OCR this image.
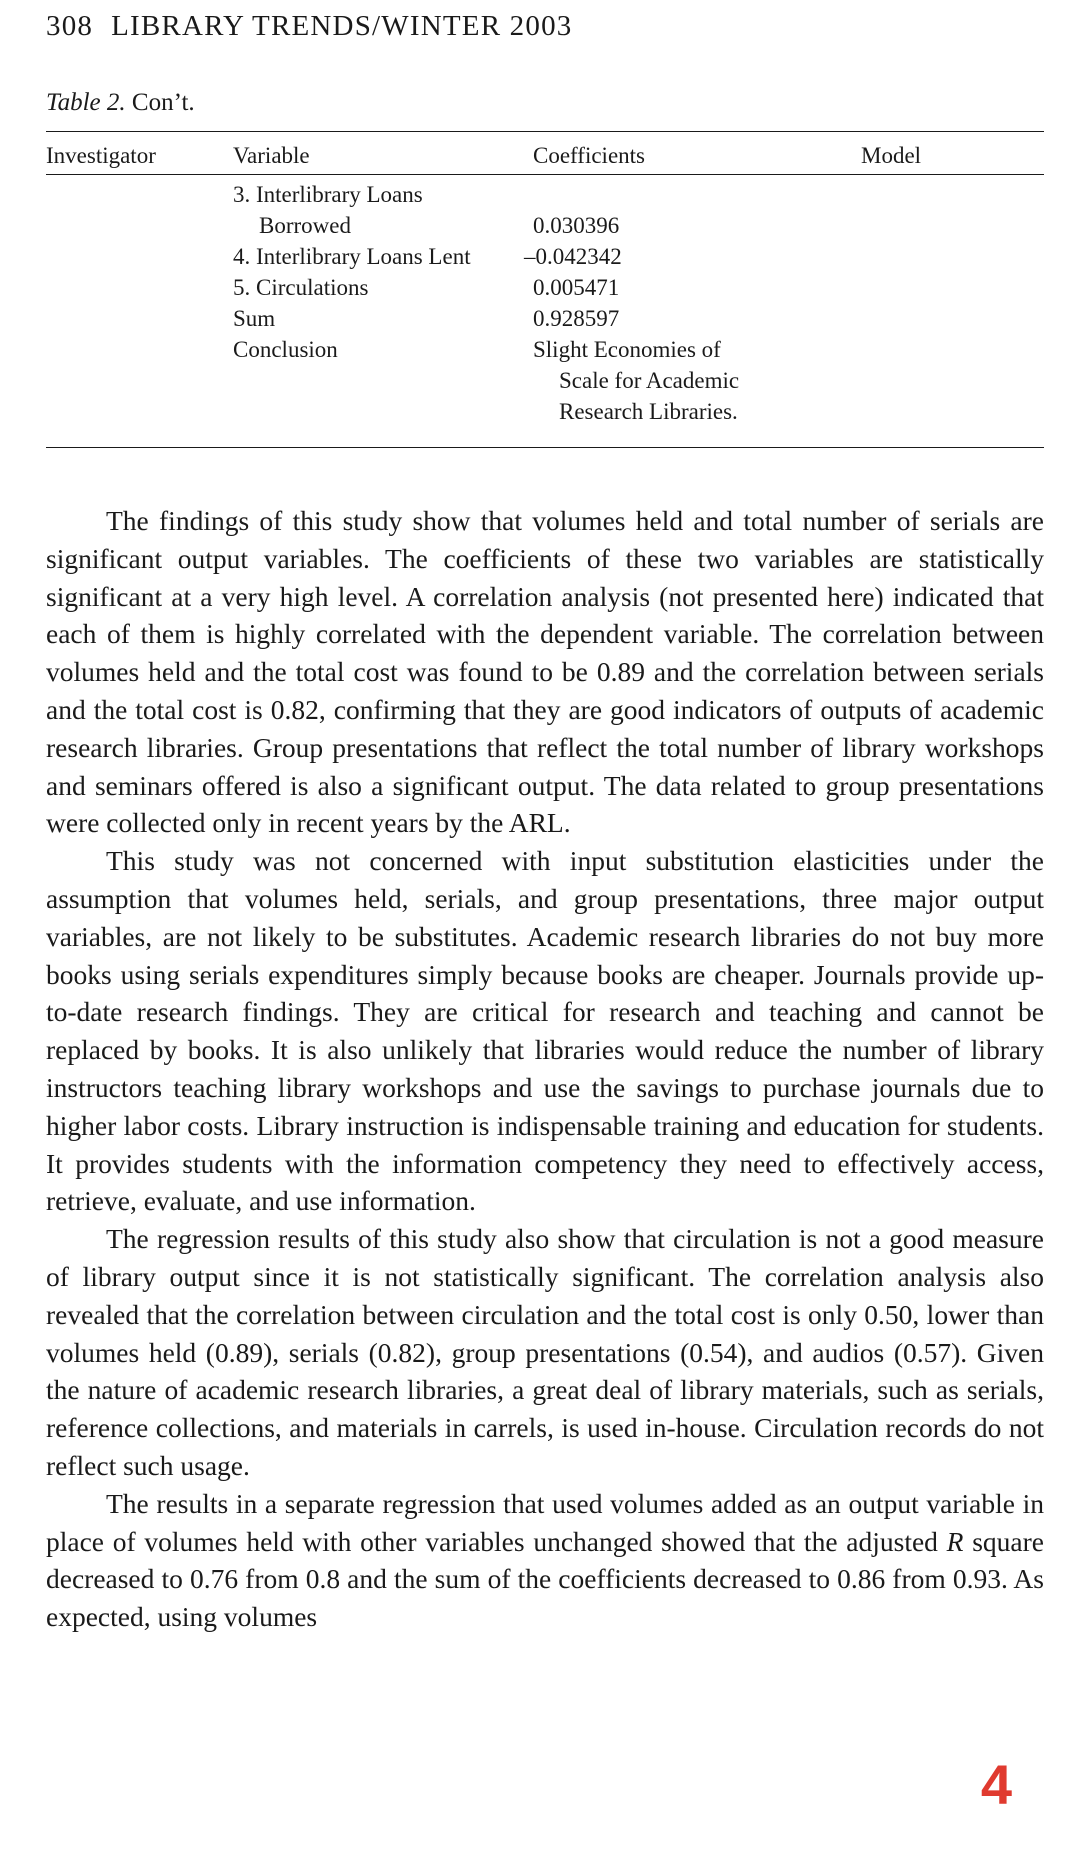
308 LIBRARY TRENDS/WINTER 2003
Table 2. Con’t.
Investigator	Variable	Coefficients	Model
3. Interlibrary Loans
Borrowed	0.030396
4. Interlibrary Loans Lent –0.042342
5. Circulations	0.005471
Sum	0.928597
Conclusion	Slight Economies of
Scale for Academic
Research Libraries.

The findings of this study show that volumes held and total number of serials are significant output variables. The coefficients of these two variables are statistically significant at a very high level. A correlation analysis (not presented here) indicated that each of them is highly correlated with the dependent variable. The correlation between volumes held and the total cost was found to be 0.89 and the correlation between serials and the total cost is 0.82, confirming that they are good indicators of outputs of academic research libraries. Group presentations that reflect the total number of library workshops and seminars offered is also a significant output. The data related to group presentations were collected only in recent years by the ARL.

This study was not concerned with input substitution elasticities under the assumption that volumes held, serials, and group presentations, three major output variables, are not likely to be substitutes. Academic research libraries do not buy more books using serials expenditures simply because books are cheaper. Journals provide up-to-date research findings. They are critical for research and teaching and cannot be replaced by books. It is also unlikely that libraries would reduce the number of library instructors teaching library workshops and use the savings to purchase journals due to higher labor costs. Library instruction is indispensable training and education for students. It provides students with the information competency they need to effectively access, retrieve, evaluate, and use information.

The regression results of this study also show that circulation is not a good measure of library output since it is not statistically significant. The correlation analysis also revealed that the correlation between circulation and the total cost is only 0.50, lower than volumes held (0.89), serials (0.82), group presentations (0.54), and audios (0.57). Given the nature of academic research libraries, a great deal of library materials, such as serials, reference collections, and materials in carrels, is used in-house. Circulation records do not reflect such usage.

The results in a separate regression that used volumes added as an output variable in place of volumes held with other variables unchanged showed that the adjusted R square decreased to 0.76 from 0.8 and the sum of the coefficients decreased to 0.86 from 0.93. As expected, using volumes

4
